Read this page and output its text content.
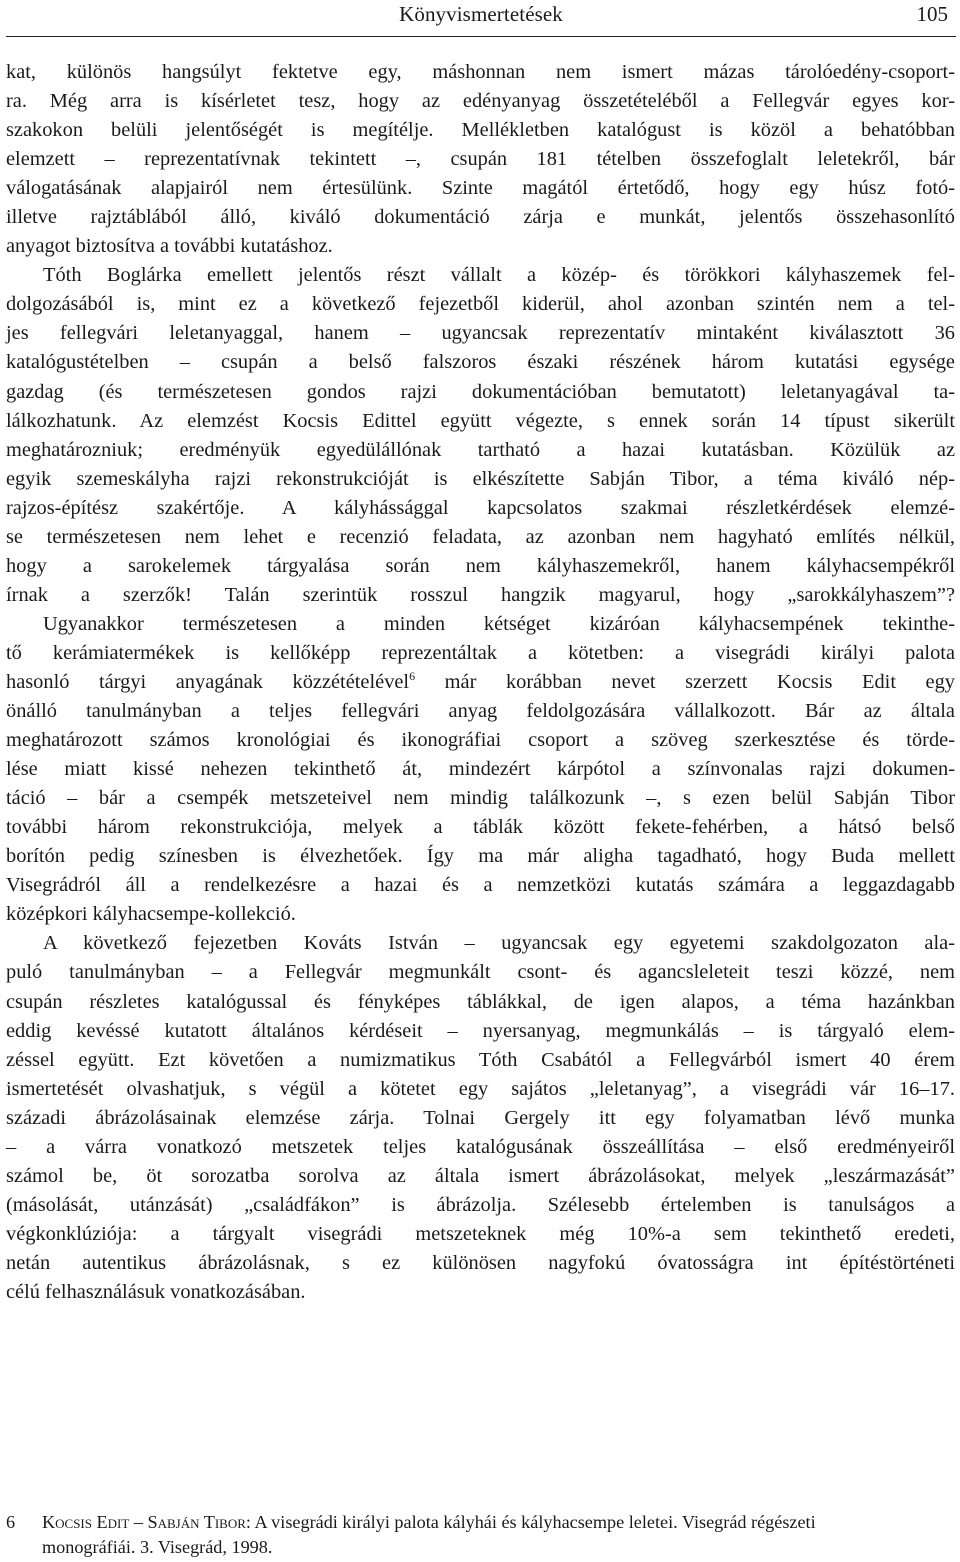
Könyvismertetések	105
kat, különös hangsúlyt fektetve egy, máshonnan nem ismert mázas tárolóedény-csoport-
ra. Még arra is kísérletet tesz, hogy az edényanyag összetételéből a Fellegvár egyes kor-
szakokon belüli jelentőségét is megítélje. Mellékletben katalógust is közöl a behatóbban
elemzett – reprezentatívnak tekintett –, csupán 181 tételben összefoglalt leletekről, bár
válogatásának alapjairól nem értesülünk. Szinte magától értetődő, hogy egy húsz fotó-
illetve rajztáblából álló, kiváló dokumentáció zárja e munkát, jelentős összehasonlító
anyagot biztosítva a további kutatáshoz.
Tóth Boglárka emellett jelentős részt vállalt a közép- és törökkori kályhaszemek fel-
dolgozásából is, mint ez a következő fejezetből kiderül, ahol azonban szintén nem a tel-
jes fellegvári leletanyaggal, hanem – ugyancsak reprezentatív mintaként kiválasztott 36
katalógustételben – csupán a belső falszoros északi részének három kutatási egysége
gazdag (és természetesen gondos rajzi dokumentációban bemutatott) leletanyagával ta-
lálkozhatunk. Az elemzést Kocsis Edittel együtt végezte, s ennek során 14 típust sikerült
meghatározniuk; eredményük egyedülállónak tartható a hazai kutatásban. Közülük az
egyik szemeskályha rajzi rekonstrukcióját is elkészítette Sabján Tibor, a téma kiváló nép-
rajzos-építész szakértője. A kályhássággal kapcsolatos szakmai részletkérdések elemzé-
se természetesen nem lehet e recenzió feladata, az azonban nem hagyható említés nélkül,
hogy a sarokelemek tárgyalása során nem kályhaszemekről, hanem kályhacsempékről
írnak a szerzők! Talán szerintük rosszul hangzik magyarul, hogy „sarokkályhaszem”?
Ugyanakkor természetesen a minden kétséget kizáróan kályhacsempének tekinthe-
tő kerámiatermékek is kellőképp reprezentáltak a kötetben: a visegrádi királyi palota
hasonló tárgyi anyagának közzétételével$^6$ már korábban nevet szerzett Kocsis Edit egy
önálló tanulmányban a teljes fellegvári anyag feldolgozására vállalkozott. Bár az általa
meghatározott számos kronológiai és ikonográfiai csoport a szöveg szerkesztése és törde-
lése miatt kissé nehezen tekinthető át, mindezért kárpótol a színvonalas rajzi dokumen-
táció – bár a csempék metszeteivel nem mindig találkozunk –, s ezen belül Sabján Tibor
további három rekonstrukciója, melyek a táblák között fekete-fehérben, a hátsó belső
borítón pedig színesben is élvezhetőek. Így ma már aligha tagadható, hogy Buda mellett
Visegrádról áll a rendelkezésre a hazai és a nemzetközi kutatás számára a leggazdagabb
középkori kályhacsempe-kollekció.
A következő fejezetben Kováts István – ugyancsak egy egyetemi szakdolgozaton ala-
puló tanulmányban – a Fellegvár megmunkált csont- és agancsleleteit teszi közzé, nem
csupán részletes katalógussal és fényképes táblákkal, de igen alapos, a téma hazánkban
eddig kevéssé kutatott általános kérdéseit – nyersanyag, megmunkálás – is tárgyaló elem-
zéssel együtt. Ezt követően a numizmatikus Tóth Csabától a Fellegvárból ismert 40 érem
ismertetését olvashatjuk, s végül a kötetet egy sajátos „leletanyag”, a visegrádi vár 16–17.
századi ábrázolásainak elemzése zárja. Tolnai Gergely itt egy folyamatban lévő munka
– a várra vonatkozó metszetek teljes katalógusának összeállítása – első eredményeiről
számol be, öt sorozatba sorolva az általa ismert ábrázolásokat, melyek „leszármazását”
(másolását, utánzását) „családfákon” is ábrázolja. Szélesebb értelemben is tanulságos a
végkonklúziója: a tárgyalt visegrádi metszeteknek még 10%-a sem tekinthető eredeti,
netán autentikus ábrázolásnak, s ez különösen nagyfokú óvatosságra int építéstörténeti
célú felhasználásuk vonatkozásában.
6 Kocsis Edit – Sabján Tibor: A visegrádi királyi palota kályhái és kályhacsempe leletei. Visegrád régészeti
monográfiái. 3. Visegrád, 1998.
